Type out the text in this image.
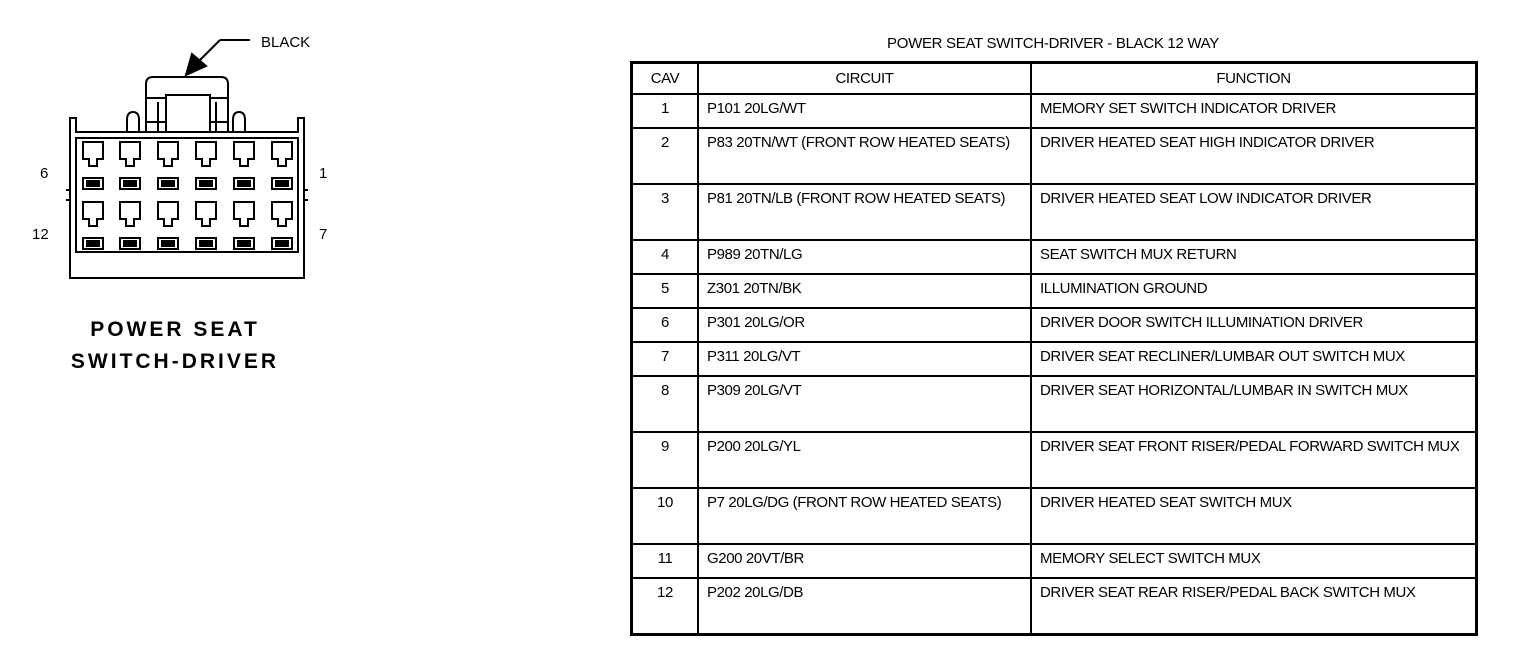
BLACK
6	1
12	7
POWER SEAT
SWITCH-DRIVER
POWER SEAT SWITCH-DRIVER - BLACK 12 WAY
CAV	CIRCUIT	FUNCTION
1	P101 20LG/WT	MEMORY SET SWITCH INDICATOR DRIVER
2	P83 20TN/WT (FRONT ROW HEATED SEATS)	DRIVER HEATED SEAT HIGH INDICATOR DRIVER
3	P81 20TN/LB (FRONT ROW HEATED SEATS)	DRIVER HEATED SEAT LOW INDICATOR DRIVER
4	P989 20TN/LG	SEAT SWITCH MUX RETURN
5	Z301 20TN/BK	ILLUMINATION GROUND
6	P301 20LG/OR	DRIVER DOOR SWITCH ILLUMINATION DRIVER
7	P311 20LG/VT	DRIVER SEAT RECLINER/LUMBAR OUT SWITCH MUX
8	P309 20LG/VT	DRIVER SEAT HORIZONTAL/LUMBAR IN SWITCH MUX
9	P200 20LG/YL	DRIVER SEAT FRONT RISER/PEDAL FORWARD SWITCH MUX
10	P7 20LG/DG (FRONT ROW HEATED SEATS)	DRIVER HEATED SEAT SWITCH MUX
11	G200 20VT/BR	MEMORY SELECT SWITCH MUX
12	P202 20LG/DB	DRIVER SEAT REAR RISER/PEDAL BACK SWITCH MUX
